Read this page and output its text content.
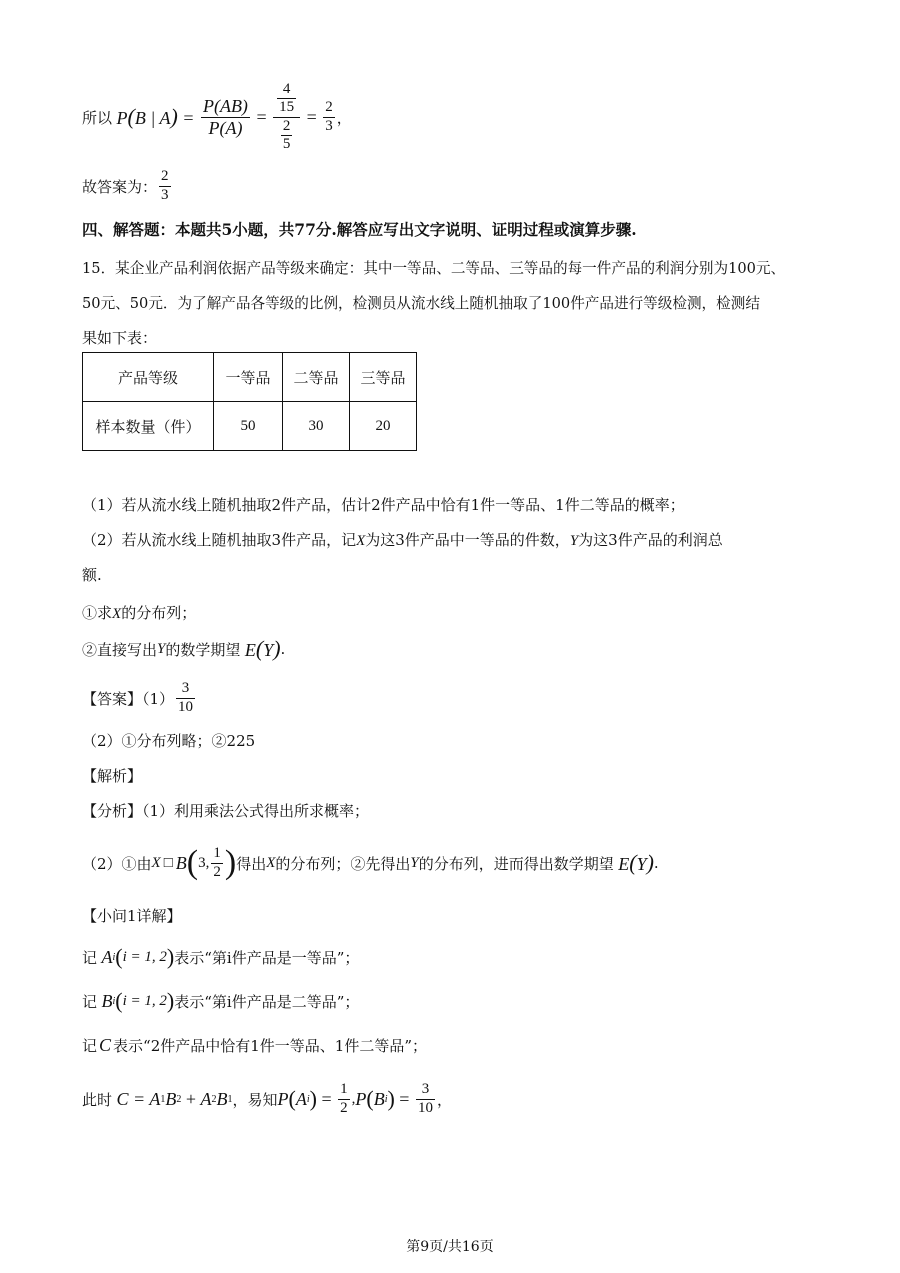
所以 P(B | $A) = \frac{P(AB)}{P(A)} = \frac{\frac{4}{15}}{\frac{2}{5}} = \frac{2}{3}$ ，
故答案为： $\frac{2}{3}$
四、解答题：本题共5小题，共77分.解答应写出文字说明、证明过程或演算步骤.
15．某企业产品利润依据产品等级来确定：其中一等品、二等品、三等品的每一件产品的利润分别为100元、
50元、50元．为了解产品各等级的比例，检测员从流水线上随机抽取了100件产品进行等级检测，检测结
果如下表：
产品等级	一等品	二等品	三等品
样本数量（件）	50	30	20
（1）若从流水线上随机抽取2件产品，估计2件产品中恰有1件一等品、1件二等品的概率；
（2）若从流水线上随机抽取3件产品，记X为这3件产品中一等品的件数，Y为这3件产品的利润总
额.
①求X的分布列；
②直接写出 Y 的数学期望 E(Y) .
【答案】$(1) \frac{3}{10}$
（2）①分布列略；②225
【解析】
【分析】（1）利用乘法公式得出所求概率；
（2）①由 X □ B ( 3, $\frac{1}{2}$ ) 得出 X 的分布列；②先得出 Y 的分布列，进而得出数学期望 E(Y) .
【小问1详解】
记 A i ( i = 1, 2 ) 表示“第i件产品是一等品”；
记 B i ( i = 1, 2 ) 表示“第i件产品是二等品”；
记 C 表示“2件产品中恰有1件一等品、1件二等品”；
此时 C = A 1 B 2 + A 2 B 1 ，易知 P ( A i ) = $\frac{1}{2}$ , P ( B i ) = $\frac{3}{10}$ ，
第9页/共16页
